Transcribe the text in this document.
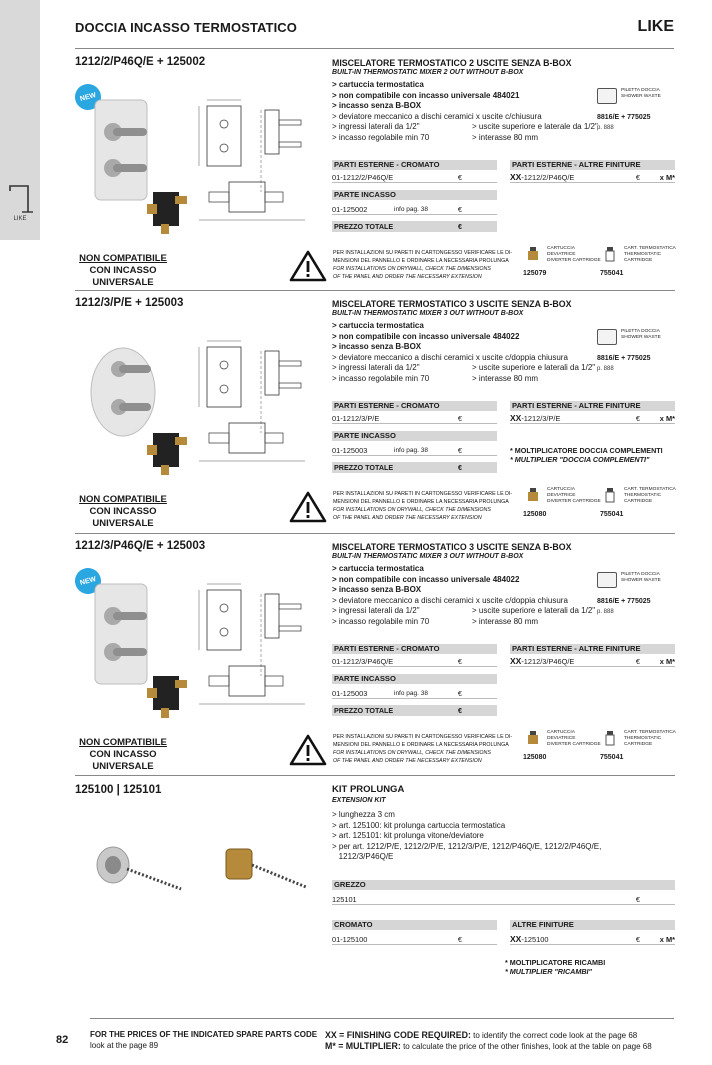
LIKE
DOCCIA INCASSO TERMOSTATICO	LIKE
1212/2/P46Q/E + 125002
NEW
NON COMPATIBILE
CON INCASSO
UNIVERSALE
PER INSTALLAZIONI SU PARETI IN CARTONGESSO VERIFICARE LE DI-
MENSIONI DEL PANNELLO E ORDINARE LA NECESSARIA PROLUNGA
FOR INSTALLATIONS ON DRYWALL, CHECK THE DIMENSIONS
OF THE PANEL AND ORDER THE NECESSARY EXTENSION
MISCELATORE TERMOSTATICO 2 USCITE SENZA B-BOX
BUILT-IN THERMOSTATIC MIXER 2 OUT WITHOUT B-BOX
> cartuccia termostatica
> non compatibile con incasso universale 484021
> incasso senza B-BOX
> deviatore meccanico a dischi ceramici x uscite c/chiusura
> ingressi laterali da 1/2"	> uscite superiore e laterale da 1/2"
> incasso regolabile min 70	> interasse 80 mm
PILETTA DOCCIA
SHOWER WASTE
8816/E + 775025
p. 888
PARTI ESTERNE - CROMATO
01-1212/2/P46Q/E	€
PARTE INCASSO
01-125002	info pag. 38	€
PREZZO TOTALE	€
PARTI ESTERNE - ALTRE FINITURE
XX-1212/2/P46Q/E	€	x M*
CARTUCCIA
DEVIATRICE
DIVERTER CARTRIDGE
125079
CART. TERMOSTATICA
THERMOSTATIC
CARTRIDGE
755041
1212/3/P/E + 125003
NON COMPATIBILE
CON INCASSO
UNIVERSALE
PER INSTALLAZIONI SU PARETI IN CARTONGESSO VERIFICARE LE DI-
MENSIONI DEL PANNELLO E ORDINARE LA NECESSARIA PROLUNGA
FOR INSTALLATIONS ON DRYWALL, CHECK THE DIMENSIONS
OF THE PANEL AND ORDER THE NECESSARY EXTENSION
MISCELATORE TERMOSTATICO 3 USCITE SENZA B-BOX
BUILT-IN THERMOSTATIC MIXER 3 OUT WITHOUT B-BOX
> cartuccia termostatica
> non compatibile con incasso universale 484022
> incasso senza B-BOX
> deviatore meccanico a dischi ceramici x uscite c/doppia chiusura
> ingressi laterali da 1/2"	> uscite superiore e laterali da 1/2"
> incasso regolabile min 70	> interasse 80 mm
PILETTA DOCCIA
SHOWER WASTE
8816/E + 775025
p. 888
PARTI ESTERNE - CROMATO
01-1212/3/P/E	€
PARTE INCASSO
01-125003	info pag. 38	€
PREZZO TOTALE	€
PARTI ESTERNE - ALTRE FINITURE
XX-1212/3/P/E	€	x M*
CARTUCCIA
DEVIATRICE
DIVERTER CARTRIDGE
125080
CART. TERMOSTATICA
THERMOSTATIC
CARTRIDGE
755041
* MOLTIPLICATORE DOCCIA COMPLEMENTI
* MULTIPLIER "DOCCIA COMPLEMENTI"
1212/3/P46Q/E + 125003
NEW
NON COMPATIBILE
CON INCASSO
UNIVERSALE
PER INSTALLAZIONI SU PARETI IN CARTONGESSO VERIFICARE LE DI-
MENSIONI DEL PANNELLO E ORDINARE LA NECESSARIA PROLUNGA
FOR INSTALLATIONS ON DRYWALL, CHECK THE DIMENSIONS
OF THE PANEL AND ORDER THE NECESSARY EXTENSION
MISCELATORE TERMOSTATICO 3 USCITE SENZA B-BOX
BUILT-IN THERMOSTATIC MIXER 3 OUT WITHOUT B-BOX
> cartuccia termostatica
> non compatibile con incasso universale 484022
> incasso senza B-BOX
> deviatore meccanico a dischi ceramici x uscite c/doppia chiusura
> ingressi laterali da 1/2"	> uscite superiore e laterali da 1/2"
> incasso regolabile min 70	> interasse 80 mm
PILETTA DOCCIA
SHOWER WASTE
8816/E + 775025
p. 888
PARTI ESTERNE - CROMATO
01-1212/3/P46Q/E	€
PARTE INCASSO
01-125003	info pag. 38	€
PREZZO TOTALE	€
PARTI ESTERNE - ALTRE FINITURE
XX-1212/3/P46Q/E	€	x M*
CARTUCCIA
DEVIATRICE
DIVERTER CARTRIDGE
125080
CART. TERMOSTATICA
THERMOSTATIC
CARTRIDGE
755041
125100 | 125101	KIT PROLUNGA
EXTENSION KIT
> lunghezza 3 cm
> art. 125100: kit prolunga cartuccia termostatica
> art. 125101: kit prolunga vitone/deviatore
> per art. 1212/P/E, 1212/2/P/E, 1212/3/P/E, 1212/P46Q/E, 1212/2/P46Q/E,
1212/3/P46Q/E
GREZZO
125101	€
CROMATO
01-125100	€
ALTRE FINITURE
XX-125100	€	x M*
* MOLTIPLICATORE RICAMBI
* MULTIPLIER "RICAMBI"
82	FOR THE PRICES OF THE INDICATED SPARE PARTS CODE
look at the page 89
XX = FINISHING CODE REQUIRED: to identify the correct code look at the page 68
M* = MULTIPLIER: to calculate the price of the other finishes, look at the table on page 68
